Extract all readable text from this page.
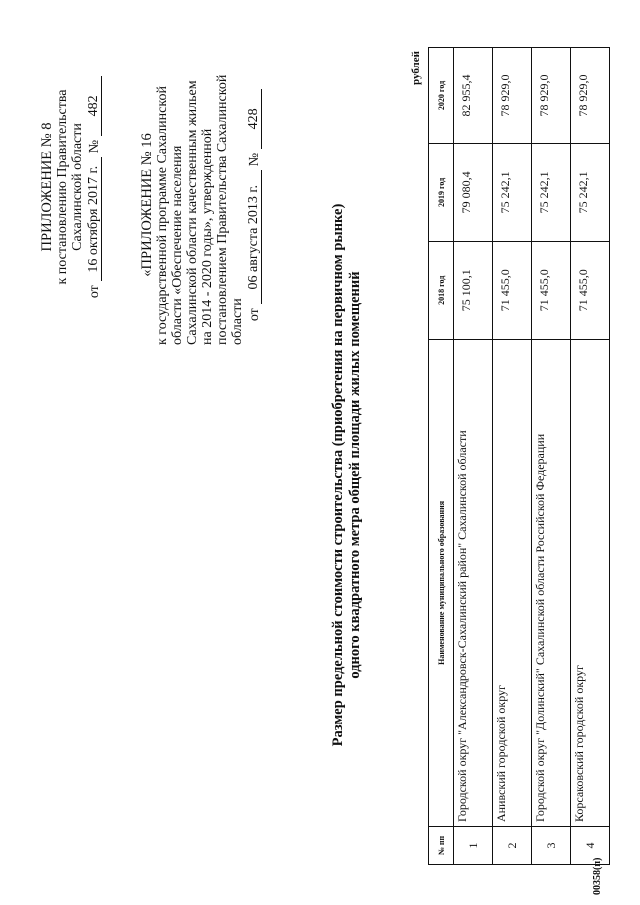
ПРИЛОЖЕНИЕ № 8 к постановлению Правительства Сахалинской области
от
16 октября 2017 г.
№
482
«ПРИЛОЖЕНИЕ № 16 к государственной программе Сахалинской области «Обеспечение населения Сахалинской области качественным жильем на 2014 - 2020 годы», утвержденной постановлением Правительства Сахалинской области от
06 августа 2013 г.
№
428
Размер предельной стоимости строительства (приобретения на первичном рынке) одного квадратного метра общей площади жилых помещений
рублей
№ пп	Наименование муниципального образования	2018 год	2019 год	2020 год
1	Городской округ "Александровск-Сахалинский район" Сахалинской области	75 100,1	79 080,4	82 955,4
2	Анивский городской округ	71 455,0	75 242,1	78 929,0
3	Городской округ "Долинский" Сахалинской области Российской Федерации	71 455,0	75 242,1	78 929,0
4	Корсаковский городской округ	71 455,0	75 242,1	78 929,0
00358(п)
